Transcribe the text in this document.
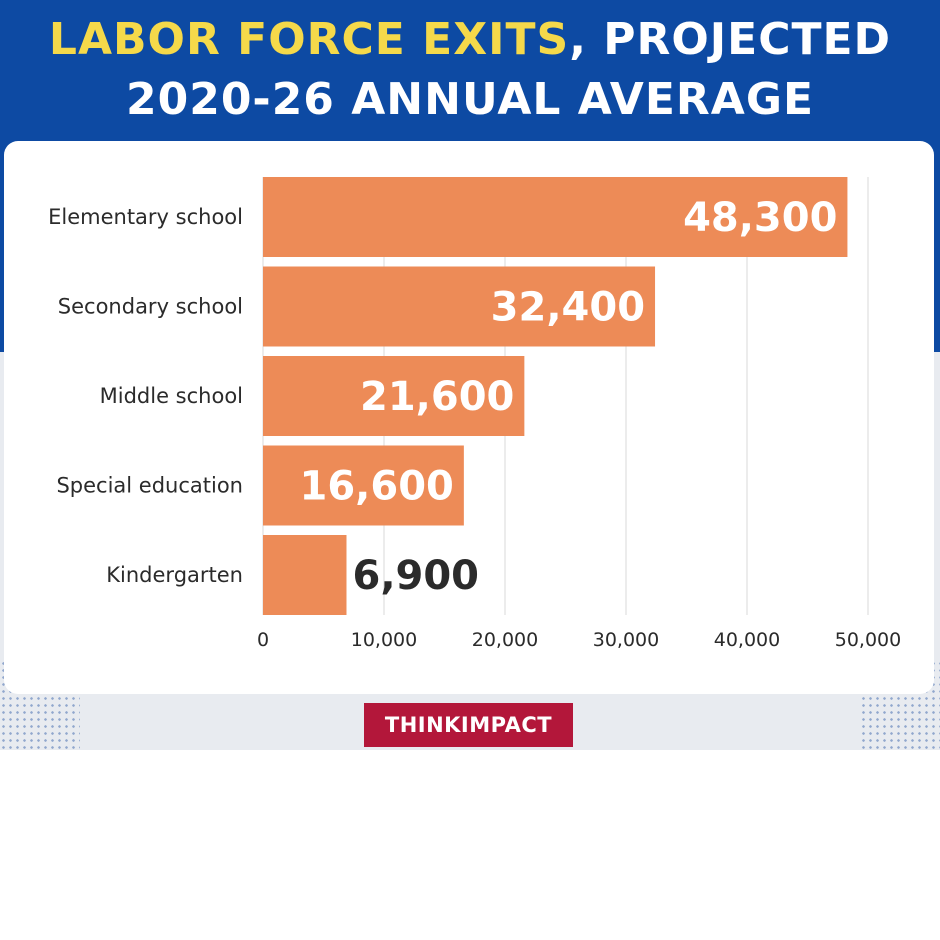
LABOR FORCE EXITS, PROJECTED
2020-26 ANNUAL AVERAGE
Elementary school
Secondary school
Middle school
Special education
Kindergarten
48,300
32,400
21,600
16,600
6,900
0	10,000	20,000	30,000	40,000	50,000
THINKIMPACT
